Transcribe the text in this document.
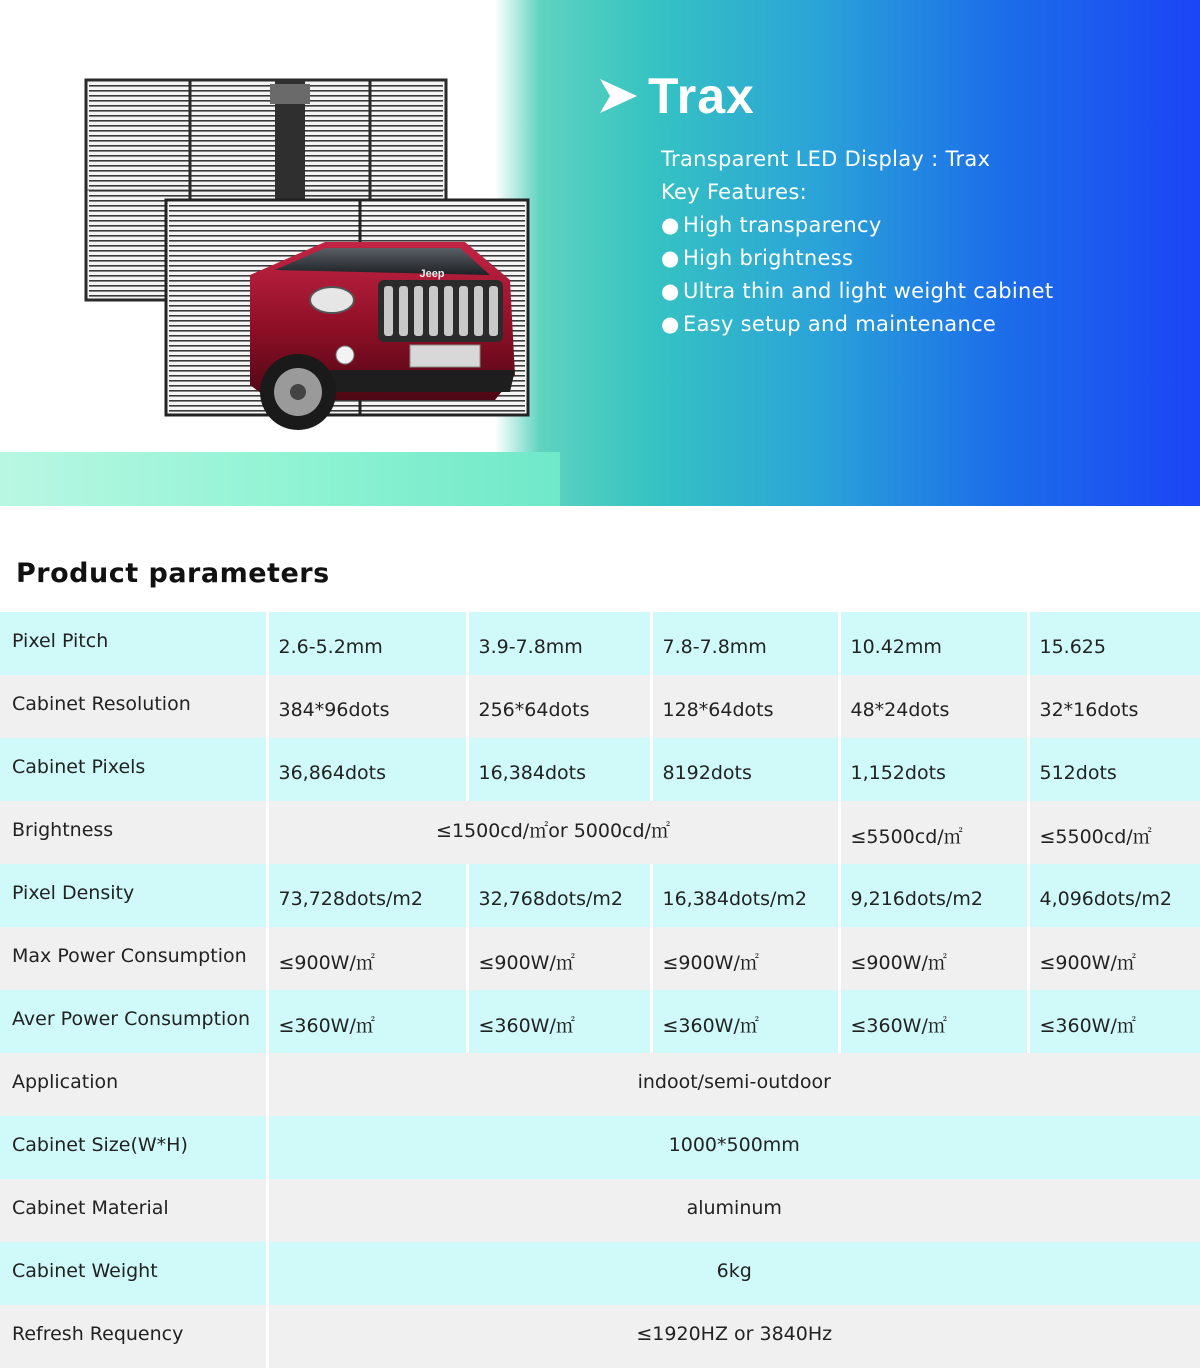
Jeep
Trax
Transparent LED Display : Trax
Key Features:
● High transparency
● High brightness
● Ultra thin and light weight cabinet
● Easy setup and maintenance
Product parameters
Pixel Pitch	2.6-5.2mm	3.9-7.8mm	7.8-7.8mm	10.42mm	15.625
Cabinet Resolution	384*96dots	256*64dots	128*64dots	48*24dots	32*16dots
Cabinet Pixels	36,864dots	16,384dots	8192dots	1,152dots	512dots
Brightness	≤1500cd/㎡or 5000cd/㎡			≤5500cd/㎡	≤5500cd/㎡
Pixel Density	73,728dots/m2	32,768dots/m2	16,384dots/m2	9,216dots/m2	4,096dots/m2
Max Power Consumption	≤900W/㎡	≤900W/㎡	≤900W/㎡	≤900W/㎡	≤900W/㎡
Aver Power Consumption	≤360W/㎡	≤360W/㎡	≤360W/㎡	≤360W/㎡	≤360W/㎡
Application	indoot/semi-outdoor				
Cabinet Size(W*H)	1000*500mm				
Cabinet Material	aluminum				
Cabinet Weight	6kg				
Refresh Requency	≤1920HZ or 3840Hz				
